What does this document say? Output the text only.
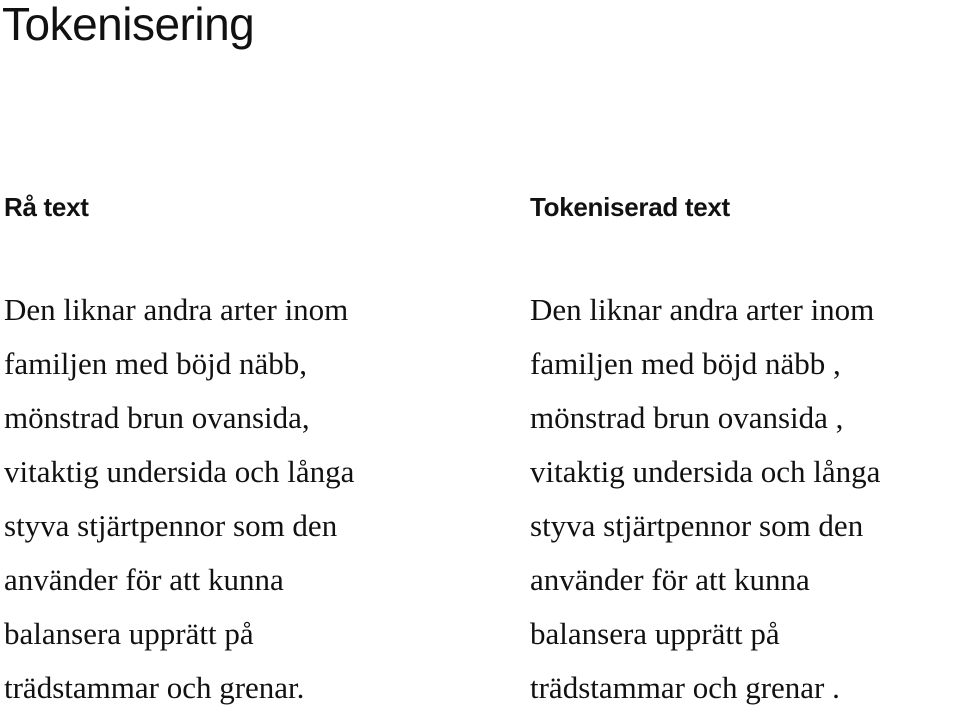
Tokenisering
Rå text
Den liknar andra arter inom
familjen med böjd näbb,
mönstrad brun ovansida,
vitaktig undersida och långa
styva stjärtpennor som den
använder för att kunna
balansera upprätt på
trädstammar och grenar.
Tokeniserad text
Den liknar andra arter inom
familjen med böjd näbb ,
mönstrad brun ovansida ,
vitaktig undersida och långa
styva stjärtpennor som den
använder för att kunna
balansera upprätt på
trädstammar och grenar .
